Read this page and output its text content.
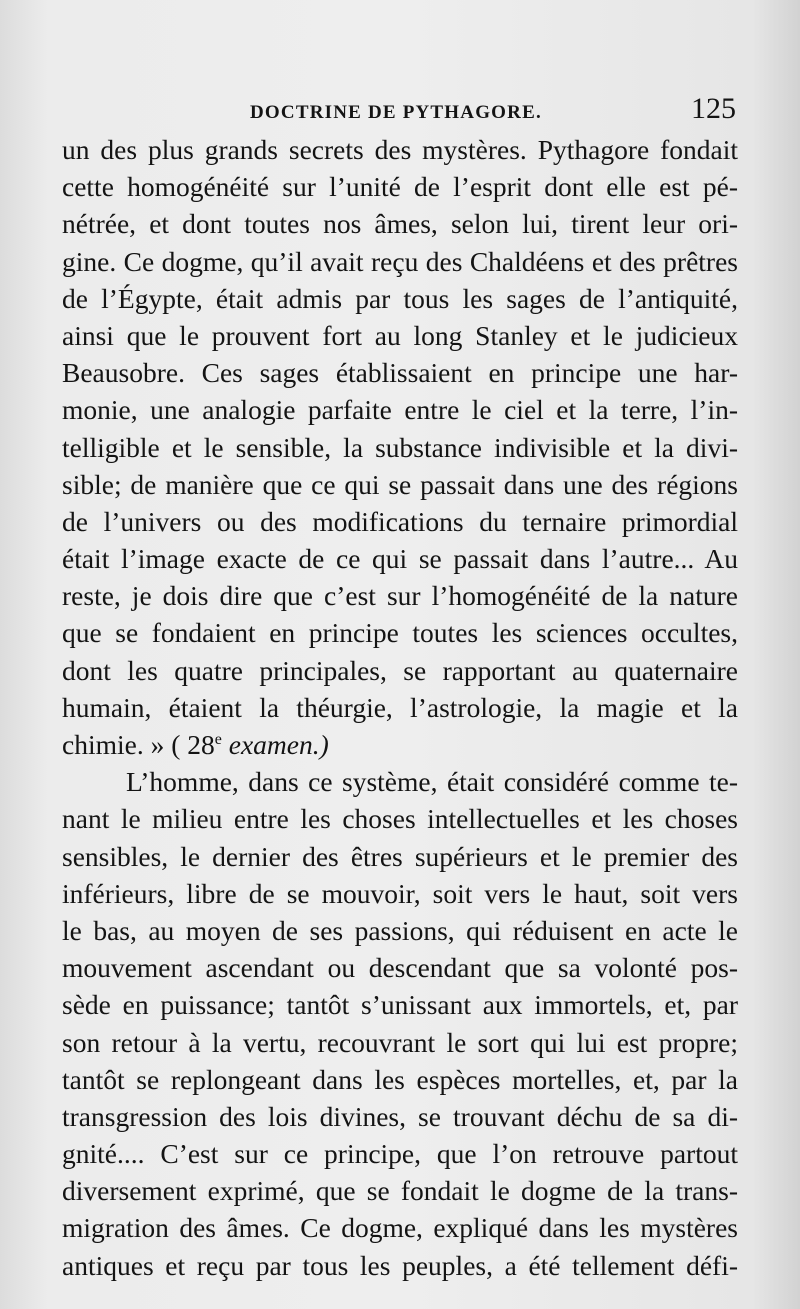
DOCTRINE DE PYTHAGORE.	125
un des plus grands secrets des mystères. Pythagore fondait
cette homogénéité sur l’unité de l’esprit dont elle est pé-
nétrée, et dont toutes nos âmes, selon lui, tirent leur ori-
gine. Ce dogme, qu’il avait reçu des Chaldéens et des prêtres
de l’Égypte, était admis par tous les sages de l’antiquité,
ainsi que le prouvent fort au long Stanley et le judicieux
Beausobre. Ces sages établissaient en principe une har-
monie, une analogie parfaite entre le ciel et la terre, l’in-
telligible et le sensible, la substance indivisible et la divi-
sible; de manière que ce qui se passait dans une des régions
de l’univers ou des modifications du ternaire primordial
était l’image exacte de ce qui se passait dans l’autre... Au
reste, je dois dire que c’est sur l’homogénéité de la nature
que se fondaient en principe toutes les sciences occultes,
dont les quatre principales, se rapportant au quaternaire
humain, étaient la théurgie, l’astrologie, la magie et la
chimie. » ( 28e examen.)
L’homme, dans ce système, était considéré comme te-
nant le milieu entre les choses intellectuelles et les choses
sensibles, le dernier des êtres supérieurs et le premier des
inférieurs, libre de se mouvoir, soit vers le haut, soit vers
le bas, au moyen de ses passions, qui réduisent en acte le
mouvement ascendant ou descendant que sa volonté pos-
sède en puissance; tantôt s’unissant aux immortels, et, par
son retour à la vertu, recouvrant le sort qui lui est propre;
tantôt se replongeant dans les espèces mortelles, et, par la
transgression des lois divines, se trouvant déchu de sa di-
gnité.... C’est sur ce principe, que l’on retrouve partout
diversement exprimé, que se fondait le dogme de la trans-
migration des âmes. Ce dogme, expliqué dans les mystères
antiques et reçu par tous les peuples, a été tellement défi-
